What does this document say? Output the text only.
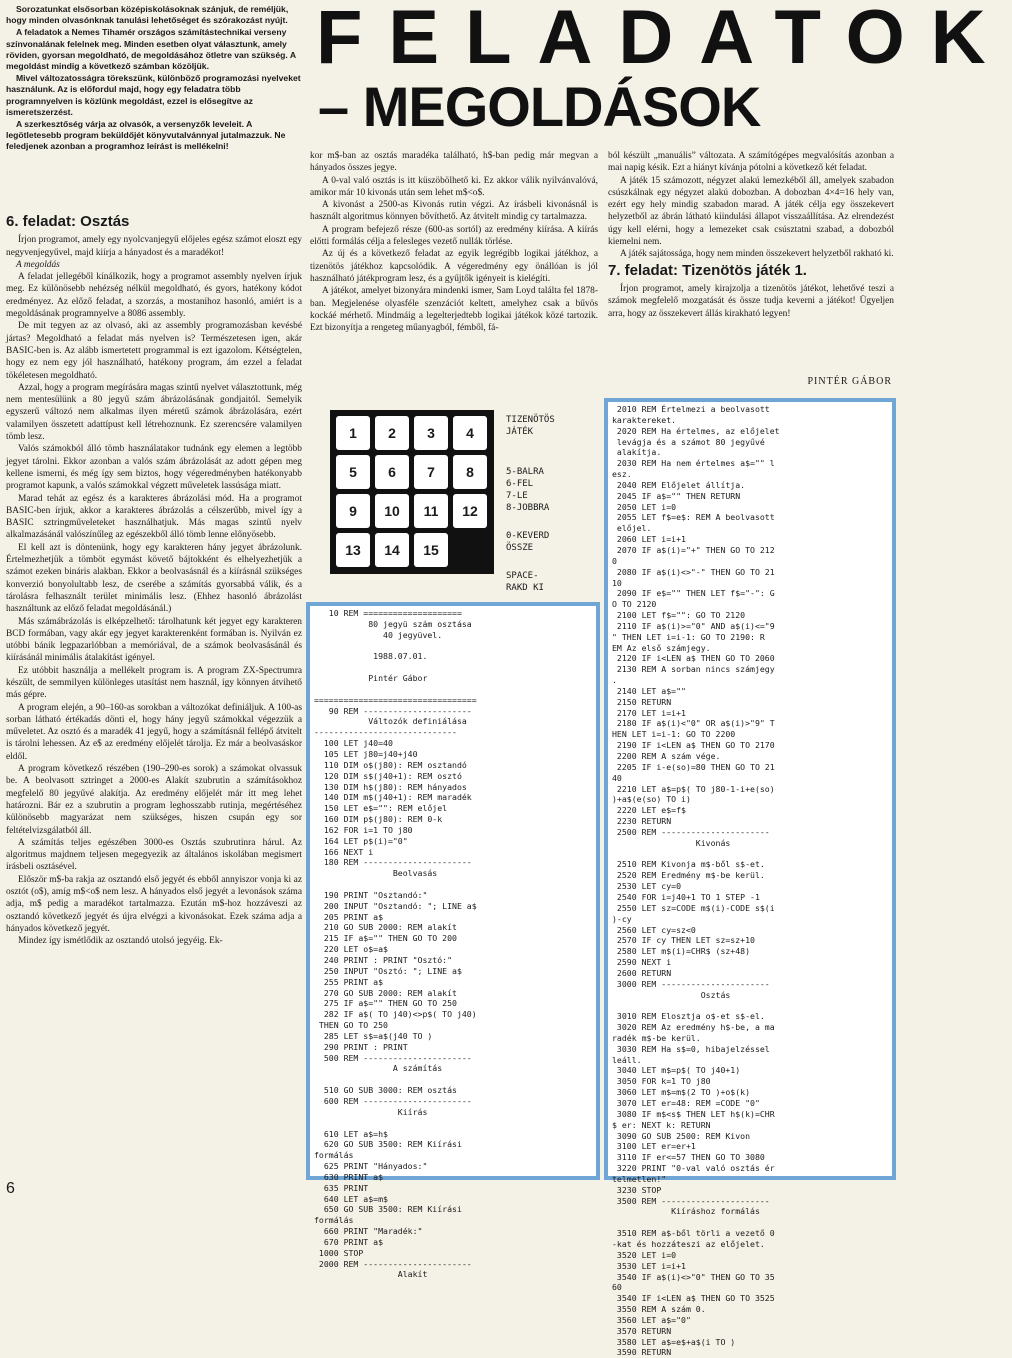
Sorozatunkat elsősorban középiskolásoknak szánjuk, de reméljük, hogy minden olvasónknak tanulási lehetőséget és szórakozást nyújt.

A feladatok a Nemes Tihamér országos számítástechnikai verseny színvonalának felelnek meg. Minden esetben olyat választunk, amely röviden, gyorsan megoldható, de megoldásához ötletre van szükség. A megoldást mindig a következő számban közöljük.

Mivel változatosságra törekszünk, különböző programozási nyelveket használunk. Az is előfordul majd, hogy egy feladatra több programnyelven is közlünk megoldást, ezzel is elősegítve az ismeretszerzést.

A szerkesztőség várja az olvasók, a versenyzők leveleit. A legötletesebb program beküldőjét könyvutalvánnyal jutalmazzuk. Ne feledjenek azonban a programhoz leírást is mellékelni!

FELADATOK
– MEGOLDÁSOK
6. feladat: Osztás

Írjon programot, amely egy nyolcvanjegyű előjeles egész számot eloszt egy negyvenjegyűvel, majd kiírja a hányadost és a maradékot!

A megoldás

A feladat jellegéből kínálkozik, hogy a programot assembly nyelven írjuk meg. Ez különösebb nehézség nélkül megoldható, és gyors, hatékony kódot eredményez. Az előző feladat, a szorzás, a mostanihoz hasonló, amiért is a megoldásának programnyelve a 8086 assembly.

De mit tegyen az az olvasó, aki az assembly programozásban kevésbé jártas? Megoldható a feladat más nyelven is? Természetesen igen, akár BASIC-ben is. Az alább ismertetett programmal is ezt igazolom. Kétségtelen, hogy ez nem egy jól használható, hatékony program, ám ezzel a feladat tökéletesen megoldható.

Azzal, hogy a program megírására magas szintű nyelvet választottunk, még nem mentesülünk a 80 jegyű szám ábrázolásának gondjaitól. Semelyik egyszerű változó nem alkalmas ilyen méretű számok ábrázolására, ezért valamilyen összetett adattípust kell létrehoznunk. Ez szerencsére valamilyen tömb lesz.

Valós számokból álló tömb használatakor tudnánk egy elemen a legtöbb jegyet tárolni. Ekkor azonban a valós szám ábrázolását az adott gépen meg kellene ismerni, és még így sem biztos, hogy végeredményben hatékonyabb programot kapunk, a valós számokkal végzett műveletek lassúsága miatt.

Marad tehát az egész és a karakteres ábrázolási mód. Ha a programot BASIC-ben írjuk, akkor a karakteres ábrázolás a célszerűbb, mivel így a BASIC sztringműveleteket használhatjuk. Más magas szintű nyelv alkalmazásánál valószínűleg az egészekből álló tömb lenne előnyösebb.

El kell azt is döntenünk, hogy egy karakteren hány jegyet ábrázolunk. Értelmezhetjük a tömböt egymást követő bájtokként és elhelyezhetjük a számot ezeken bináris alakban. Ekkor a beolvasásnál és a kiírásnál szükséges konverzió bonyolultabb lesz, de cserébe a számítás gyorsabbá válik, és a tárolásra felhasznált terület minimális lesz. (Ehhez hasonló ábrázolást használtunk az előző feladat megoldásánál.)

Más számábrázolás is elképzelhető: tárolhatunk két jegyet egy karakteren BCD formában, vagy akár egy jegyet karakterenként formában is. Nyilván ez utóbbi bánik legpazarlóbban a memóriával, de a számok beolvasásánál és kiírásánál minimális átalakítást igényel.

Ez utóbbit használja a mellékelt program is. A program ZX-Spectrumra készült, de semmilyen különleges utasítást nem használ, így könnyen átvihető más gépre.

A program elején, a 90–160-as sorokban a változókat definiáljuk. A 100-as sorban látható értékadás dönti el, hogy hány jegyű számokkal végezzük a műveletet. Az osztó és a maradék 41 jegyű, hogy a számításnál fellépő átvitelt is tárolni lehessen. Az e$ az eredmény előjelét tárolja. Ez már a beolvasáskor eldől.

A program következő részében (190–290-es sorok) a számokat olvassuk be. A beolvasott sztringet a 2000-es Alakít szubrutin a számításokhoz megfelelő 80 jegyűvé alakítja. Az eredmény előjelét már itt meg lehet határozni. Bár ez a szubrutin a program leghosszabb rutinja, megértéséhez különösebb magyarázat nem szükséges, hiszen csupán egy sor feltételvizsgálatból áll.

A számítás teljes egészében 3000-es Osztás szubrutinra hárul. Az algoritmus majdnem teljesen megegyezik az általános iskolában megismert írásbeli osztásével.

Először m$-ba rakja az osztandó első jegyét és ebből annyiszor vonja ki az osztót (o$), amíg m$<o$ nem lesz. A hányados első jegyét a levonások száma adja, m$ pedig a maradékot tartalmazza. Ezután m$-hoz hozzáveszi az osztandó következő jegyét és újra elvégzi a kivonásokat. Ezek száma adja a hányados következő jegyét.

Mindez így ismétlődik az osztandó utolsó jegyéig. Ek-

kor m$-ban az osztás maradéka található, h$-ban pedig már megvan a hányados összes jegye.

A 0-val való osztás is itt küszöbölhető ki. Ez akkor válik nyilvánvalóvá, amikor már 10 kivonás után sem lehet m$<o$.

A kivonást a 2500-as Kivonás rutin végzi. Az írásbeli kivonásnál is használt algoritmus könnyen bővíthető. Az átvitelt mindig cy tartalmazza.

A program befejező része (600-as sortól) az eredmény kiírása. A kiírás előtti formálás célja a felesleges vezető nullák törlése.

Az új és a következő feladat az egyik legrégibb logikai játékhoz, a tizenötös játékhoz kapcsolódik. A végeredmény egy önállóan is jól használható játékprogram lesz, és a gyűjtők igényeit is kielégíti.

A játékot, amelyet bizonyára mindenki ismer, Sam Loyd találta fel 1878-ban. Megjelenése olyasféle szenzációt keltett, amelyhez csak a bűvös kockáé mérhető. Mindmáig a legelterjedtebb logikai játékok közé tartozik. Ezt bizonyítja a rengeteg műanyagból, fémből, fá-

ból készült „manuális” változata. A számítógépes megvalósítás azonban a mai napig késik. Ezt a hiányt kívánja pótolni a következő két feladat.

A játék 15 számozott, négyzet alakú lemezkéből áll, amelyek szabadon csúszkálnak egy négyzet alakú dobozban. A dobozban 4×4=16 hely van, ezért egy hely mindig szabadon marad. A játék célja egy összekevert helyzetből az ábrán látható kiindulási állapot visszaállítása. Az elrendezést úgy kell elérni, hogy a lemezeket csak csúsztatni szabad, a dobozból kiemelni nem.

A játék sajátossága, hogy nem minden összekevert helyzetből rakható ki.

7. feladat: Tizenötös játék 1.

Írjon programot, amely kirajzolja a tizenötös játékot, lehetővé teszi a számok megfelelő mozgatását és össze tudja keverni a játékot! Ügyeljen arra, hogy az összekevert állás kirakható legyen!

PINTÉR GÁBOR
1	2	3	4
5	6	7	8
9	10	11	12
13	14	15
TIZENÖTÖS
JÁTÉK
5-BALRA
6-FEL
7-LE
8-JOBBRA
0-KEVERD
ÖSSZE
SPACE-
RAKD KI
10 REM ====================
80 jegyü szám osztása
40 jegyüvel.

1988.07.01.

Pintér Gábor

=================================
90 REM ----------------------
Változók definiálása
-----------------------------
100 LET j40=40
105 LET j80=j40+j40
110 DIM o$(j80): REM osztandó
120 DIM s$(j40+1): REM osztó
130 DIM h$(j80): REM hányados
140 DIM m$(j40+1): REM maradék
150 LET e$="": REM előjel
160 DIM p$(j80): REM 0-k
162 FOR i=1 TO j80
164 LET p$(i)="0"
166 NEXT i
180 REM ----------------------
Beolvasás

190 PRINT "Osztandó:"
200 INPUT "Osztandó: "; LINE a$
205 PRINT a$
210 GO SUB 2000: REM alakít
215 IF a$="" THEN GO TO 200
220 LET o$=a$
240 PRINT : PRINT "Osztó:"
250 INPUT "Osztó: "; LINE a$
255 PRINT a$
270 GO SUB 2000: REM alakít
275 IF a$="" THEN GO TO 250
282 IF a$( TO j40)<>p$( TO j40)
THEN GO TO 250
285 LET s$=a$(j40 TO )
290 PRINT : PRINT
500 REM ----------------------
A számítás

510 GO SUB 3000: REM osztás
600 REM ----------------------
Kiírás

610 LET a$=h$
620 GO SUB 3500: REM Kiírási
formálás
625 PRINT "Hányados:"
630 PRINT a$
635 PRINT
640 LET a$=m$
650 GO SUB 3500: REM Kiírási
formálás
660 PRINT "Maradék:"
670 PRINT a$
1000 STOP
2000 REM ----------------------
Alakít
2010 REM Értelmezi a beolvasott
karaktereket.
2020 REM Ha értelmes, az előjelet
levágja és a számot 80 jegyűvé
alakítja.
2030 REM Ha nem értelmes a$="" l
esz.
2040 REM Előjelet állítja.
2045 IF a$="" THEN RETURN
2050 LET i=0
2055 LET f$=e$: REM A beolvasott
előjel.
2060 LET i=i+1
2070 IF a$(i)="+" THEN GO TO 212
0
2080 IF a$(i)<>"-" THEN GO TO 21
10
2090 IF e$="" THEN LET f$="-": G
O TO 2120
2100 LET f$="": GO TO 2120
2110 IF a$(i)>="0" AND a$(i)<="9
" THEN LET i=i-1: GO TO 2190: R
EM Az első számjegy.
2120 IF i<LEN a$ THEN GO TO 2060
2130 REM A sorban nincs számjegy
.
2140 LET a$=""
2150 RETURN
2170 LET i=i+1
2180 IF a$(i)<"0" OR a$(i)>"9" T
HEN LET i=i-1: GO TO 2200
2190 IF i<LEN a$ THEN GO TO 2170
2200 REM A szám vége.
2205 IF i-e(so)=80 THEN GO TO 21
40
2210 LET a$=p$( TO j80-1-i+e(so)
)+a$(e(so) TO i)
2220 LET e$=f$
2230 RETURN
2500 REM ----------------------
Kivonás

2510 REM Kivonja m$-ből s$-et.
2520 REM Eredmény m$-be kerül.
2530 LET cy=0
2540 FOR i=j40+1 TO 1 STEP -1
2550 LET sz=CODE m$(i)-CODE s$(i
)-cy
2560 LET cy=sz<0
2570 IF cy THEN LET sz=sz+10
2580 LET m$(i)=CHR$ (sz+48)
2590 NEXT i
2600 RETURN
3000 REM ----------------------
Osztás

3010 REM Elosztja o$-et s$-el.
3020 REM Az eredmény h$-be, a ma
radék m$-be kerül.
3030 REM Ha s$=0, hibajelzéssel
leáll.
3040 LET m$=p$( TO j40+1)
3050 FOR k=1 TO j80
3060 LET m$=m$(2 TO )+o$(k)
3070 LET er=48: REM =CODE "0"
3080 IF m$<s$ THEN LET h$(k)=CHR
$ er: NEXT k: RETURN
3090 GO SUB 2500: REM Kivon
3100 LET er=er+1
3110 IF er<=57 THEN GO TO 3080
3220 PRINT "0-val való osztás ér
telmetlen!"
3230 STOP
3500 REM ----------------------
Kiíráshoz formálás

3510 REM a$-ből törli a vezető 0
-kat és hozzáteszi az előjelet.
3520 LET i=0
3530 LET i=i+1
3540 IF a$(i)<>"0" THEN GO TO 35
60
3540 IF i<LEN a$ THEN GO TO 3525
3550 REM A szám 0.
3560 LET a$="0"
3570 RETURN
3580 LET a$=e$+a$(i TO )
3590 RETURN
6
